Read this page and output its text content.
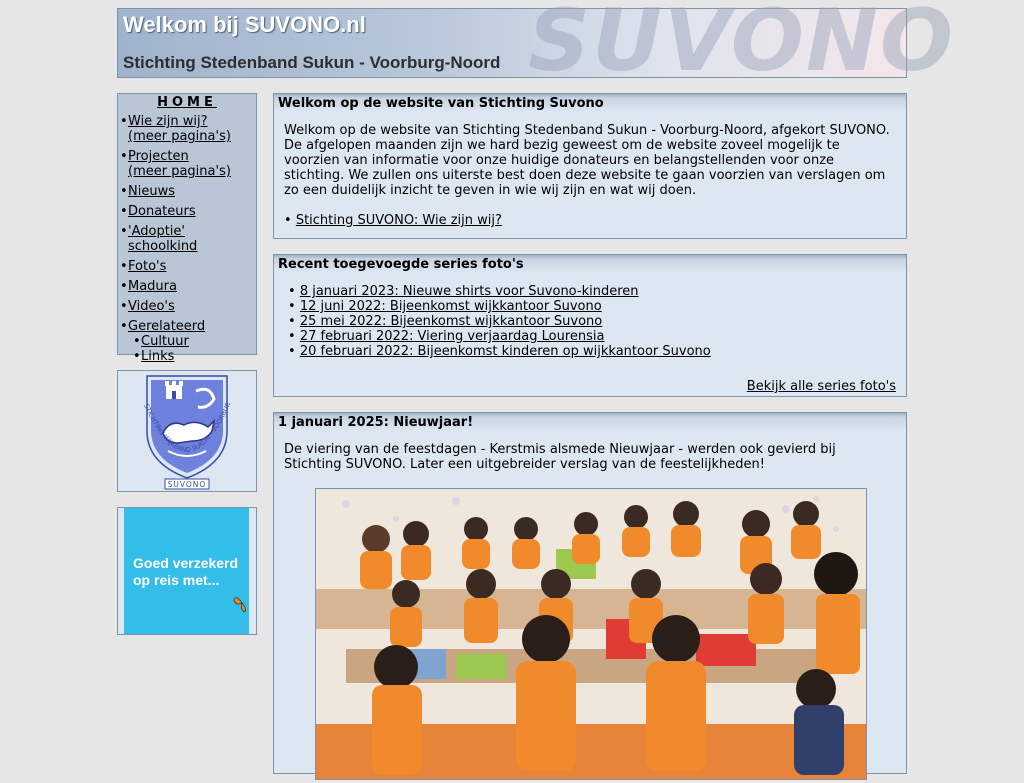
SUVONO
Welkom bij SUVONO.nl
Stichting Stedenband Sukun - Voorburg-Noord
HOME
• Wie zijn wij?
(meer pagina's)
• Projecten
(meer pagina's)
• Nieuws
• Donateurs
• 'Adoptie' schoolkind
• Foto's
• Madura
• Video's
• Gerelateerd
• Cultuur
• Links
STICHTING WIJKBAND SUKUN - VOORBUR
SUVONO
Goed verzekerd
op reis met...
Welkom op de website van Stichting Suvono

Welkom op de website van Stichting Stedenband Sukun - Voorburg-Noord, afgekort SUVONO. De afgelopen maanden zijn we hard bezig geweest om de website zoveel mogelijk te voorzien van informatie voor onze huidige donateurs en belangstellenden voor onze stichting. We zullen ons uiterste best doen deze website te gaan voorzien van verslagen om zo een duidelijk inzicht te geven in wie wij zijn en wat wij doen.

• Stichting SUVONO: Wie zijn wij?
Recent toegevoegde series foto's
• 8 januari 2023: Nieuwe shirts voor Suvono-kinderen
• 12 juni 2022: Bijeenkomst wijkkantoor Suvono
• 25 mei 2022: Bijeenkomst wijkkantoor Suvono
• 27 februari 2022: Viering verjaardag Lourensia
• 20 februari 2022: Bijeenkomst kinderen op wijkkantoor Suvono
Bekijk alle series foto's
1 januari 2025: Nieuwjaar!

De viering van de feestdagen - Kerstmis alsmede Nieuwjaar - werden ook gevierd bij Stichting SUVONO. Later een uitgebreider verslag van de feestelijkheden!
